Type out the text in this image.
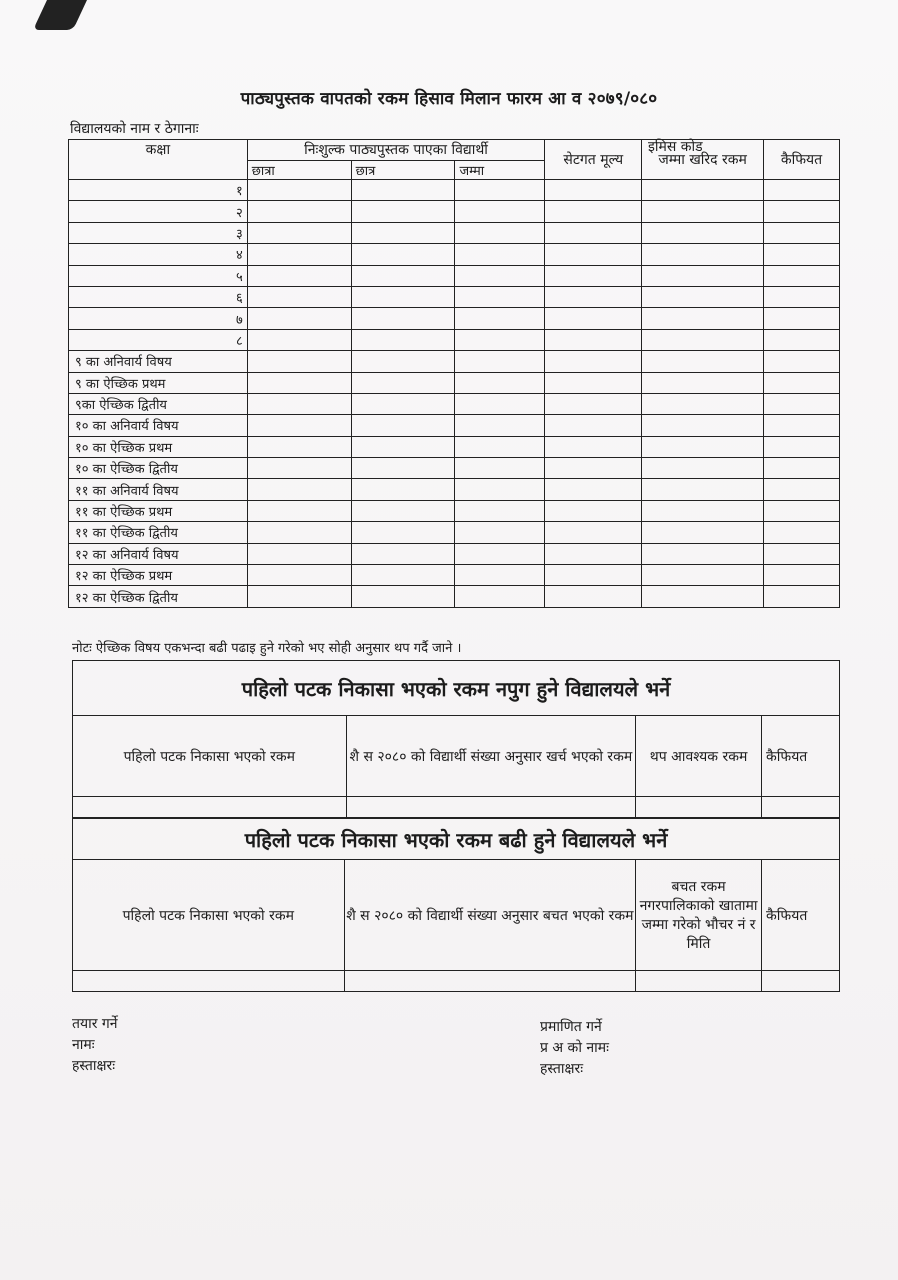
पाठ्यपुस्तक वापतको रकम हिसाव मिलान फारम आ व २०७९/०८०
विद्यालयको नाम र ठेगानाः
इमिस कोड
कक्षा	निःशुल्क पाठ्यपुस्तक पाएका विद्यार्थी			सेटगत मूल्य	जम्मा खरिद रकम	कैफियत
	छात्रा	छात्र	जम्मा			
१						
२						
३						
४						
५						
६						
७						
८						
९ का अनिवार्य विषय						
९ का ऐच्छिक प्रथम						
९का ऐच्छिक द्वितीय						
१० का अनिवार्य विषय						
१० का ऐच्छिक प्रथम						
१० का ऐच्छिक द्वितीय						
११ का अनिवार्य विषय						
११ का ऐच्छिक प्रथम						
११ का ऐच्छिक द्वितीय						
१२ का अनिवार्य विषय						
१२ का ऐच्छिक प्रथम						
१२ का ऐच्छिक द्वितीय						
नोटः ऐच्छिक विषय एकभन्दा बढी पढाइ हुने गरेको भए सोही अनुसार थप गर्दै जाने ।
पहिलो पटक निकासा भएको रकम नपुग हुने विद्यालयले भर्ने			
पहिलो पटक निकासा भएको रकम	शै स २०८० को विद्यार्थी संख्या अनुसार खर्च भएको रकम	थप आवश्यक रकम	कैफियत

पहिलो पटक निकासा भएको रकम बढी हुने विद्यालयले भर्ने			
पहिलो पटक निकासा भएको रकम	शै स २०८० को विद्यार्थी संख्या अनुसार बचत भएको रकम	बचत रकम नगरपालिकाको खातामा जम्मा गरेको भौचर नं र मिति	कैफियत

तयार गर्ने
नामः
हस्ताक्षरः
प्रमाणित गर्ने
प्र अ को नामः
हस्ताक्षरः
